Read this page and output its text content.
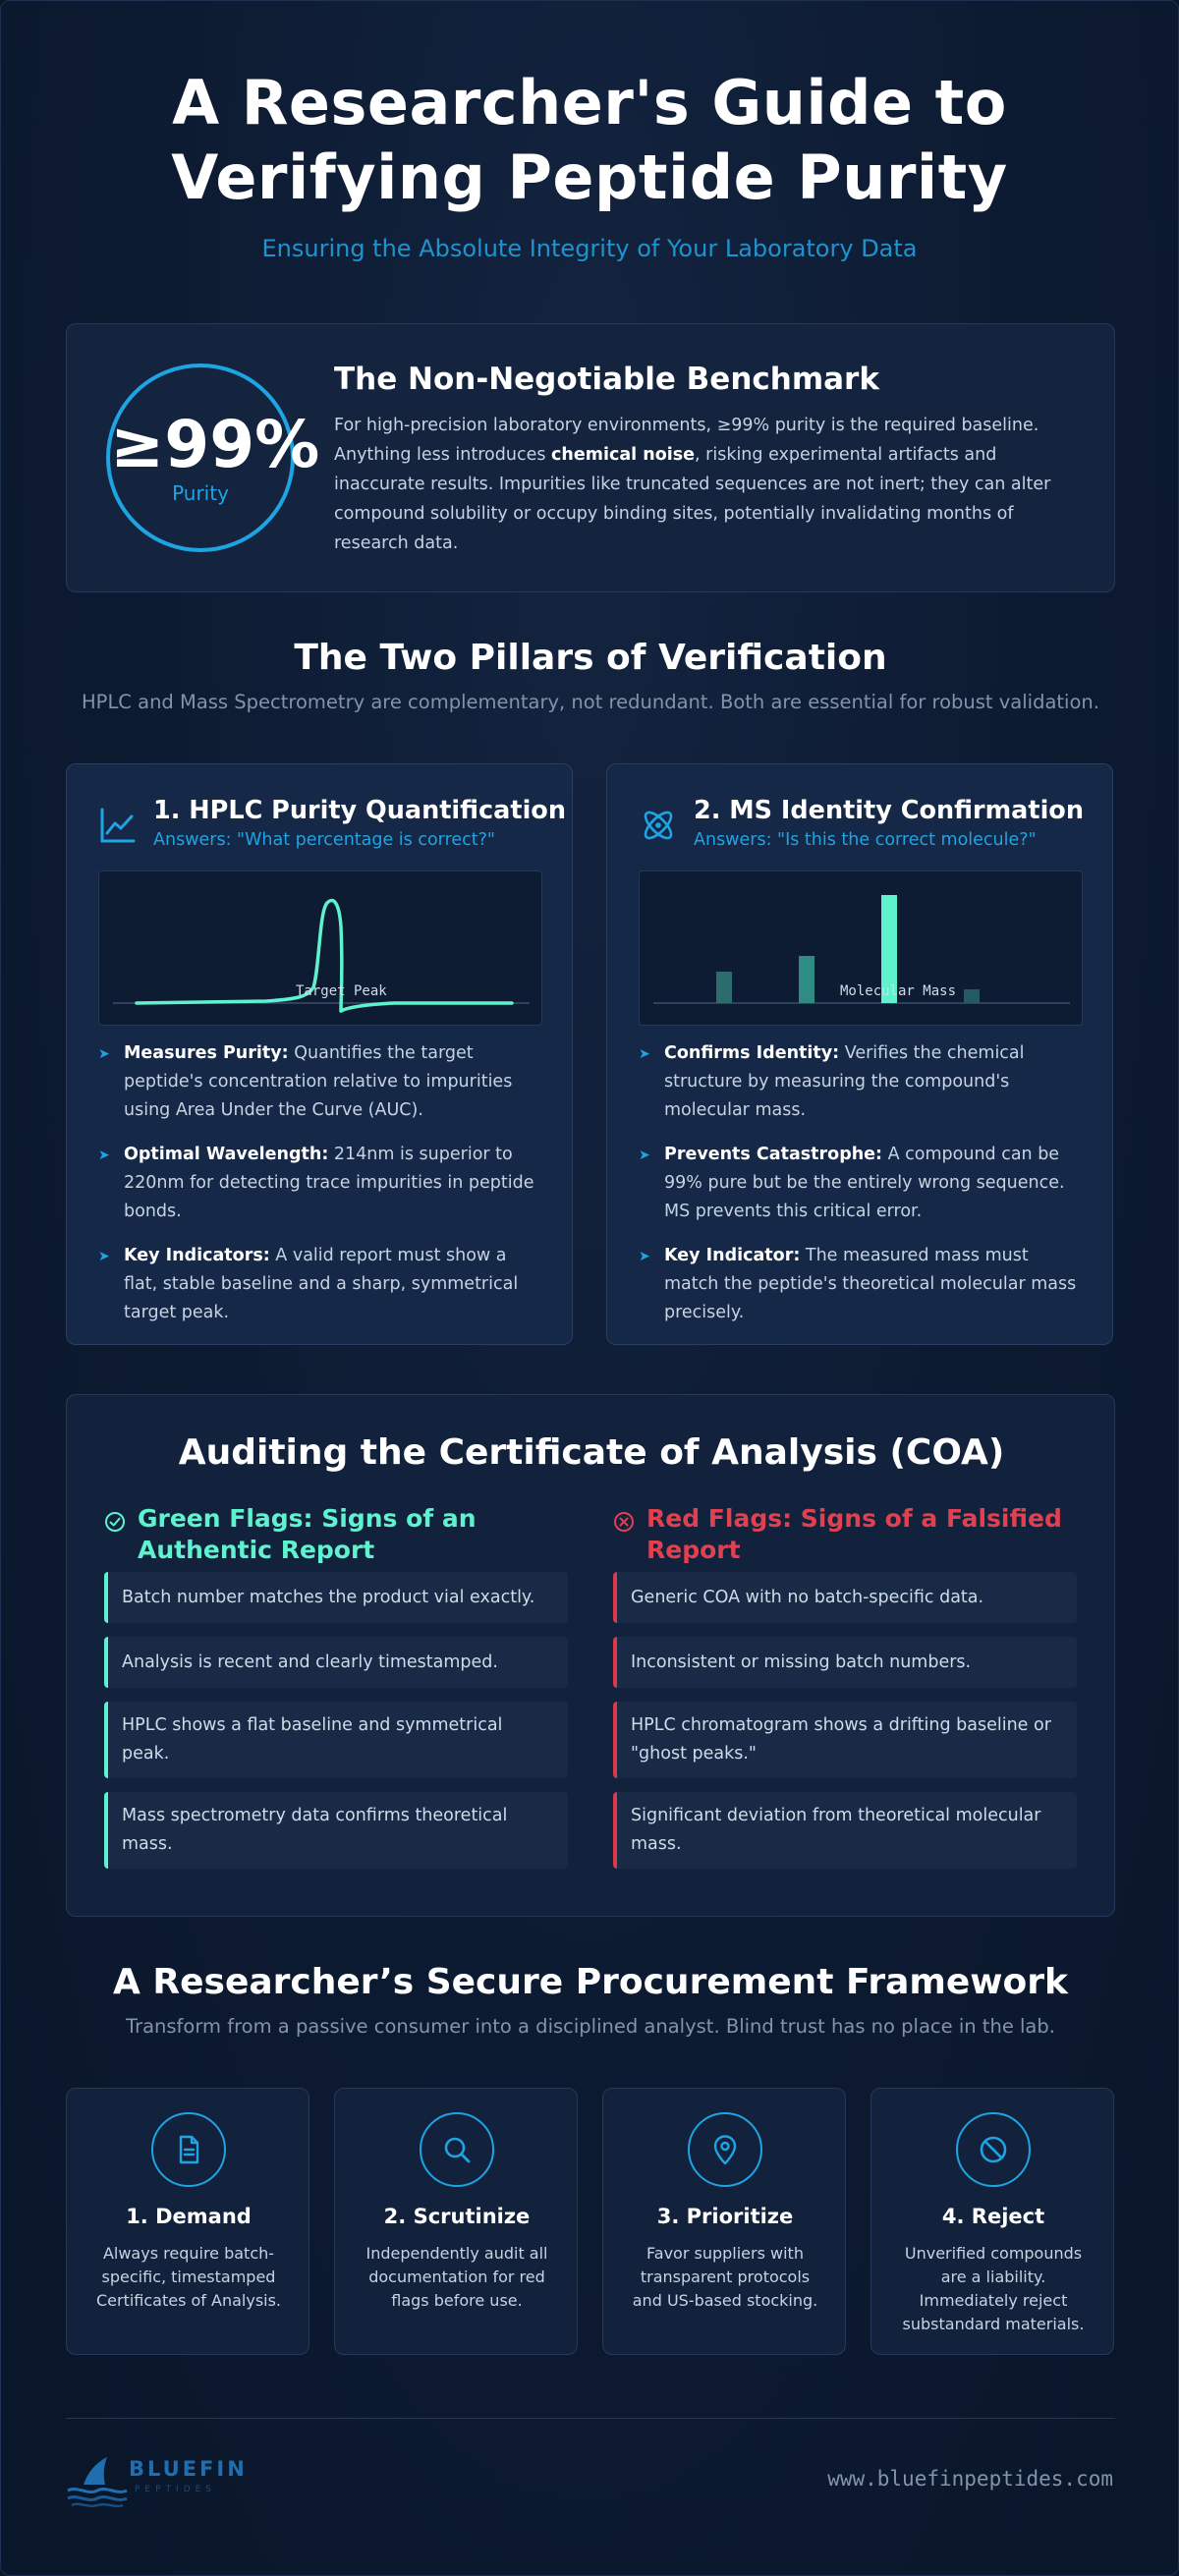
A Researcher's Guide to
Verifying Peptide Purity
Ensuring the Absolute Integrity of Your Laboratory Data
≥99%
Purity
The Non-Negotiable Benchmark

For high-precision laboratory environments, ≥99% purity is the required baseline. Anything less introduces chemical noise, risking experimental artifacts and inaccurate results. Impurities like truncated sequences are not inert; they can alter compound solubility or occupy binding sites, potentially invalidating months of research data.

The Two Pillars of Verification
HPLC and Mass Spectrometry are complementary, not redundant. Both are essential for robust validation.
1. HPLC Purity Quantification
Answers: "What percentage is correct?"
Target Peak
➤ Measures Purity: Quantifies the target peptide's concentration relative to impurities using Area Under the Curve (AUC).
➤ Optimal Wavelength: 214nm is superior to 220nm for detecting trace impurities in peptide bonds.
➤ Key Indicators: A valid report must show a flat, stable baseline and a sharp, symmetrical target peak.
2. MS Identity Confirmation
Answers: "Is this the correct molecule?"
Molecular Mass
➤ Confirms Identity: Verifies the chemical structure by measuring the compound's molecular mass.
➤ Prevents Catastrophe: A compound can be 99% pure but be the entirely wrong sequence. MS prevents this critical error.
➤ Key Indicator: The measured mass must match the peptide's theoretical molecular mass precisely.
Auditing the Certificate of Analysis (COA)
Green Flags: Signs of an Authentic Report
Batch number matches the product vial exactly.
Analysis is recent and clearly timestamped.
HPLC shows a flat baseline and symmetrical peak.
Mass spectrometry data confirms theoretical mass.
Red Flags: Signs of a Falsified Report
Generic COA with no batch-specific data.
Inconsistent or missing batch numbers.
HPLC chromatogram shows a drifting baseline or "ghost peaks."
Significant deviation from theoretical molecular mass.
A Researcher’s Secure Procurement Framework
Transform from a passive consumer into a disciplined analyst. Blind trust has no place in the lab.
1. Demand

Always require batch-specific, timestamped Certificates of Analysis.

2. Scrutinize

Independently audit all documentation for red flags before use.

3. Prioritize

Favor suppliers with transparent protocols and US-based stocking.

4. Reject

Unverified compounds are a liability. Immediately reject substandard materials.

BLUEFIN
PEPTIDES	www.bluefinpeptides.com
